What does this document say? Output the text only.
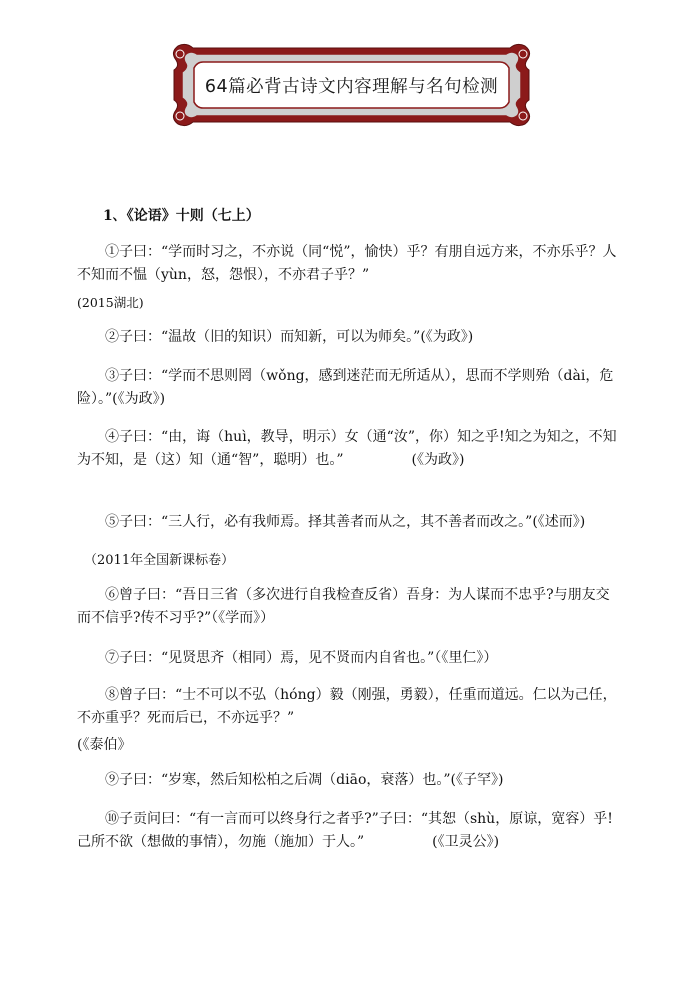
64篇必背古诗文内容理解与名句检测
1､《论语》十则（七上）

①子曰：“学而时习之，不亦说（同“悦”，愉快）乎？有朋自远方来，不亦乐乎？人不知而不愠（yùn，怒，怨恨），不亦君子乎？”

(2015湖北)

②子曰：“温故（旧的知识）而知新，可以为师矣。”(《为政》)

③子曰：“学而不思则罔（wǒng，感到迷茫而无所适从），思而不学则殆（dài，危险）。”(《为政》)

④子曰：“由，诲（huì，教导，明示）女（通“汝”，你）知之乎!知之为知之，不知为不知，是（这）知（通“智”，聪明）也。”	(《为政》)

⑤子曰：“三人行，必有我师焉。择其善者而从之，其不善者而改之。”(《述而》)

（2011年全国新课标卷）

⑥曾子曰：“吾日三省（多次进行自我检查反省）吾身：为人谋而不忠乎?与朋友交而不信乎?传不习乎?”（《学而》）

⑦子曰：“见贤思齐（相同）焉，见不贤而内自省也。”（《里仁》）

⑧曾子曰：“士不可以不弘（hóng）毅（刚强，勇毅），任重而道远。仁以为己任，不亦重乎？死而后已，不亦远乎？”

(《泰伯》

⑨子曰：“岁寒，然后知松柏之后凋（diāo，衰落）也。”(《子罕》)

⑩子贡问曰：“有一言而可以终身行之者乎?”子曰：“其恕（shù，原谅，宽容）乎!己所不欲（想做的事情），勿施（施加）于人。”	(《卫灵公》)
